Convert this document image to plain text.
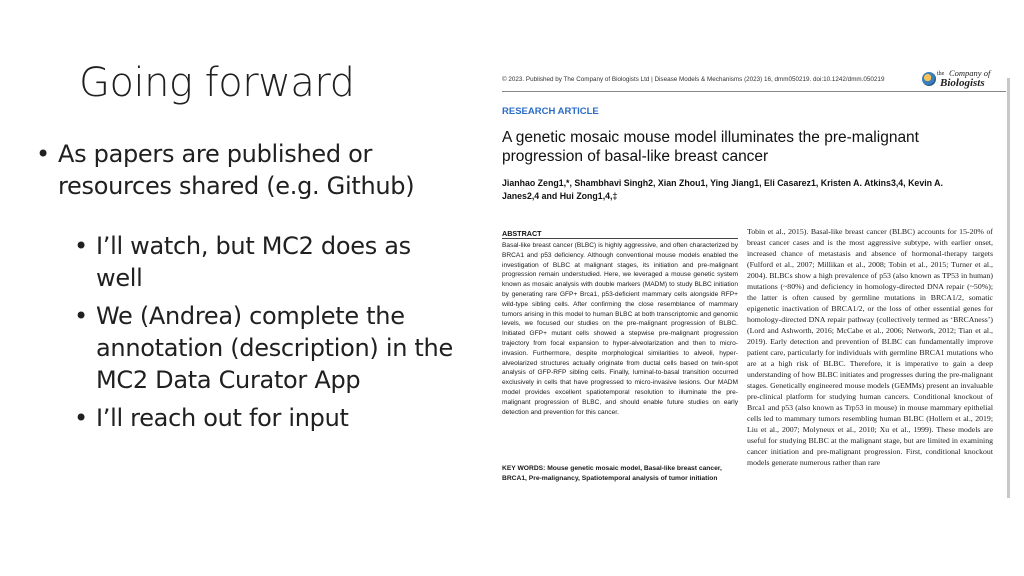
Going forward
• As papers are published or resources shared (e.g. Github)
• I’ll watch, but MC2 does as well
• We (Andrea) complete the annotation (description) in the MC2 Data Curator App
• I’ll reach out for input
© 2023. Published by The Company of Biologists Ltd | Disease Models & Mechanisms (2023) 16, dmm050219. doi:10.1242/dmm.050219
the Company of
Biologists
RESEARCH ARTICLE
A genetic mosaic mouse model illuminates the pre-malignant progression of basal-like breast cancer
Jianhao Zeng1,*, Shambhavi Singh2, Xian Zhou1, Ying Jiang1, Eli Casarez1, Kristen A. Atkins3,4, Kevin A. Janes2,4 and Hui Zong1,4,‡
ABSTRACT
Basal-like breast cancer (BLBC) is highly aggressive, and often characterized by BRCA1 and p53 deficiency. Although conventional mouse models enabled the investigation of BLBC at malignant stages, its initiation and pre-malignant progression remain understudied. Here, we leveraged a mouse genetic system known as mosaic analysis with double markers (MADM) to study BLBC initiation by generating rare GFP+ Brca1, p53-deficient mammary cells alongside RFP+ wild-type sibling cells. After confirming the close resemblance of mammary tumors arising in this model to human BLBC at both transcriptomic and genomic levels, we focused our studies on the pre-malignant progression of BLBC. Initiated GFP+ mutant cells showed a stepwise pre-malignant progression trajectory from focal expansion to hyper-alveolarization and then to micro-invasion. Furthermore, despite morphological similarities to alveoli, hyper-alveolarized structures actually originate from ductal cells based on twin-spot analysis of GFP-RFP sibling cells. Finally, luminal-to-basal transition occurred exclusively in cells that have progressed to micro-invasive lesions. Our MADM model provides excellent spatiotemporal resolution to illuminate the pre-malignant progression of BLBC, and should enable future studies on early detection and prevention for this cancer.
KEY WORDS: Mouse genetic mosaic model, Basal-like breast cancer, BRCA1, Pre-malignancy, Spatiotemporal analysis of tumor initiation
Tobin et al., 2015). Basal-like breast cancer (BLBC) accounts for 15-20% of breast cancer cases and is the most aggressive subtype, with earlier onset, increased chance of metastasis and absence of hormonal-therapy targets (Fulford et al., 2007; Millikan et al., 2008; Tobin et al., 2015; Turner et al., 2004). BLBCs show a high prevalence of p53 (also known as TP53 in human) mutations (~80%) and deficiency in homology-directed DNA repair (~50%); the latter is often caused by germline mutations in BRCA1/2, somatic epigenetic inactivation of BRCA1/2, or the loss of other essential genes for homology-directed DNA repair pathway (collectively termed as ‘BRCAness’) (Lord and Ashworth, 2016; McCabe et al., 2006; Network, 2012; Tian et al., 2019). Early detection and prevention of BLBC can fundamentally improve patient care, particularly for individuals with germline BRCA1 mutations who are at a high risk of BLBC. Therefore, it is imperative to gain a deep understanding of how BLBC initiates and progresses during the pre-malignant stages. Genetically engineered mouse models (GEMMs) present an invaluable pre-clinical platform for studying human cancers. Conditional knockout of Brca1 and p53 (also known as Trp53 in mouse) in mouse mammary epithelial cells led to mammary tumors resembling human BLBC (Hollern et al., 2019; Liu et al., 2007; Molyneux et al., 2010; Xu et al., 1999). These models are useful for studying BLBC at the malignant stage, but are limited in examining cancer initiation and pre-malignant progression. First, conditional knockout models generate numerous rather than rare
